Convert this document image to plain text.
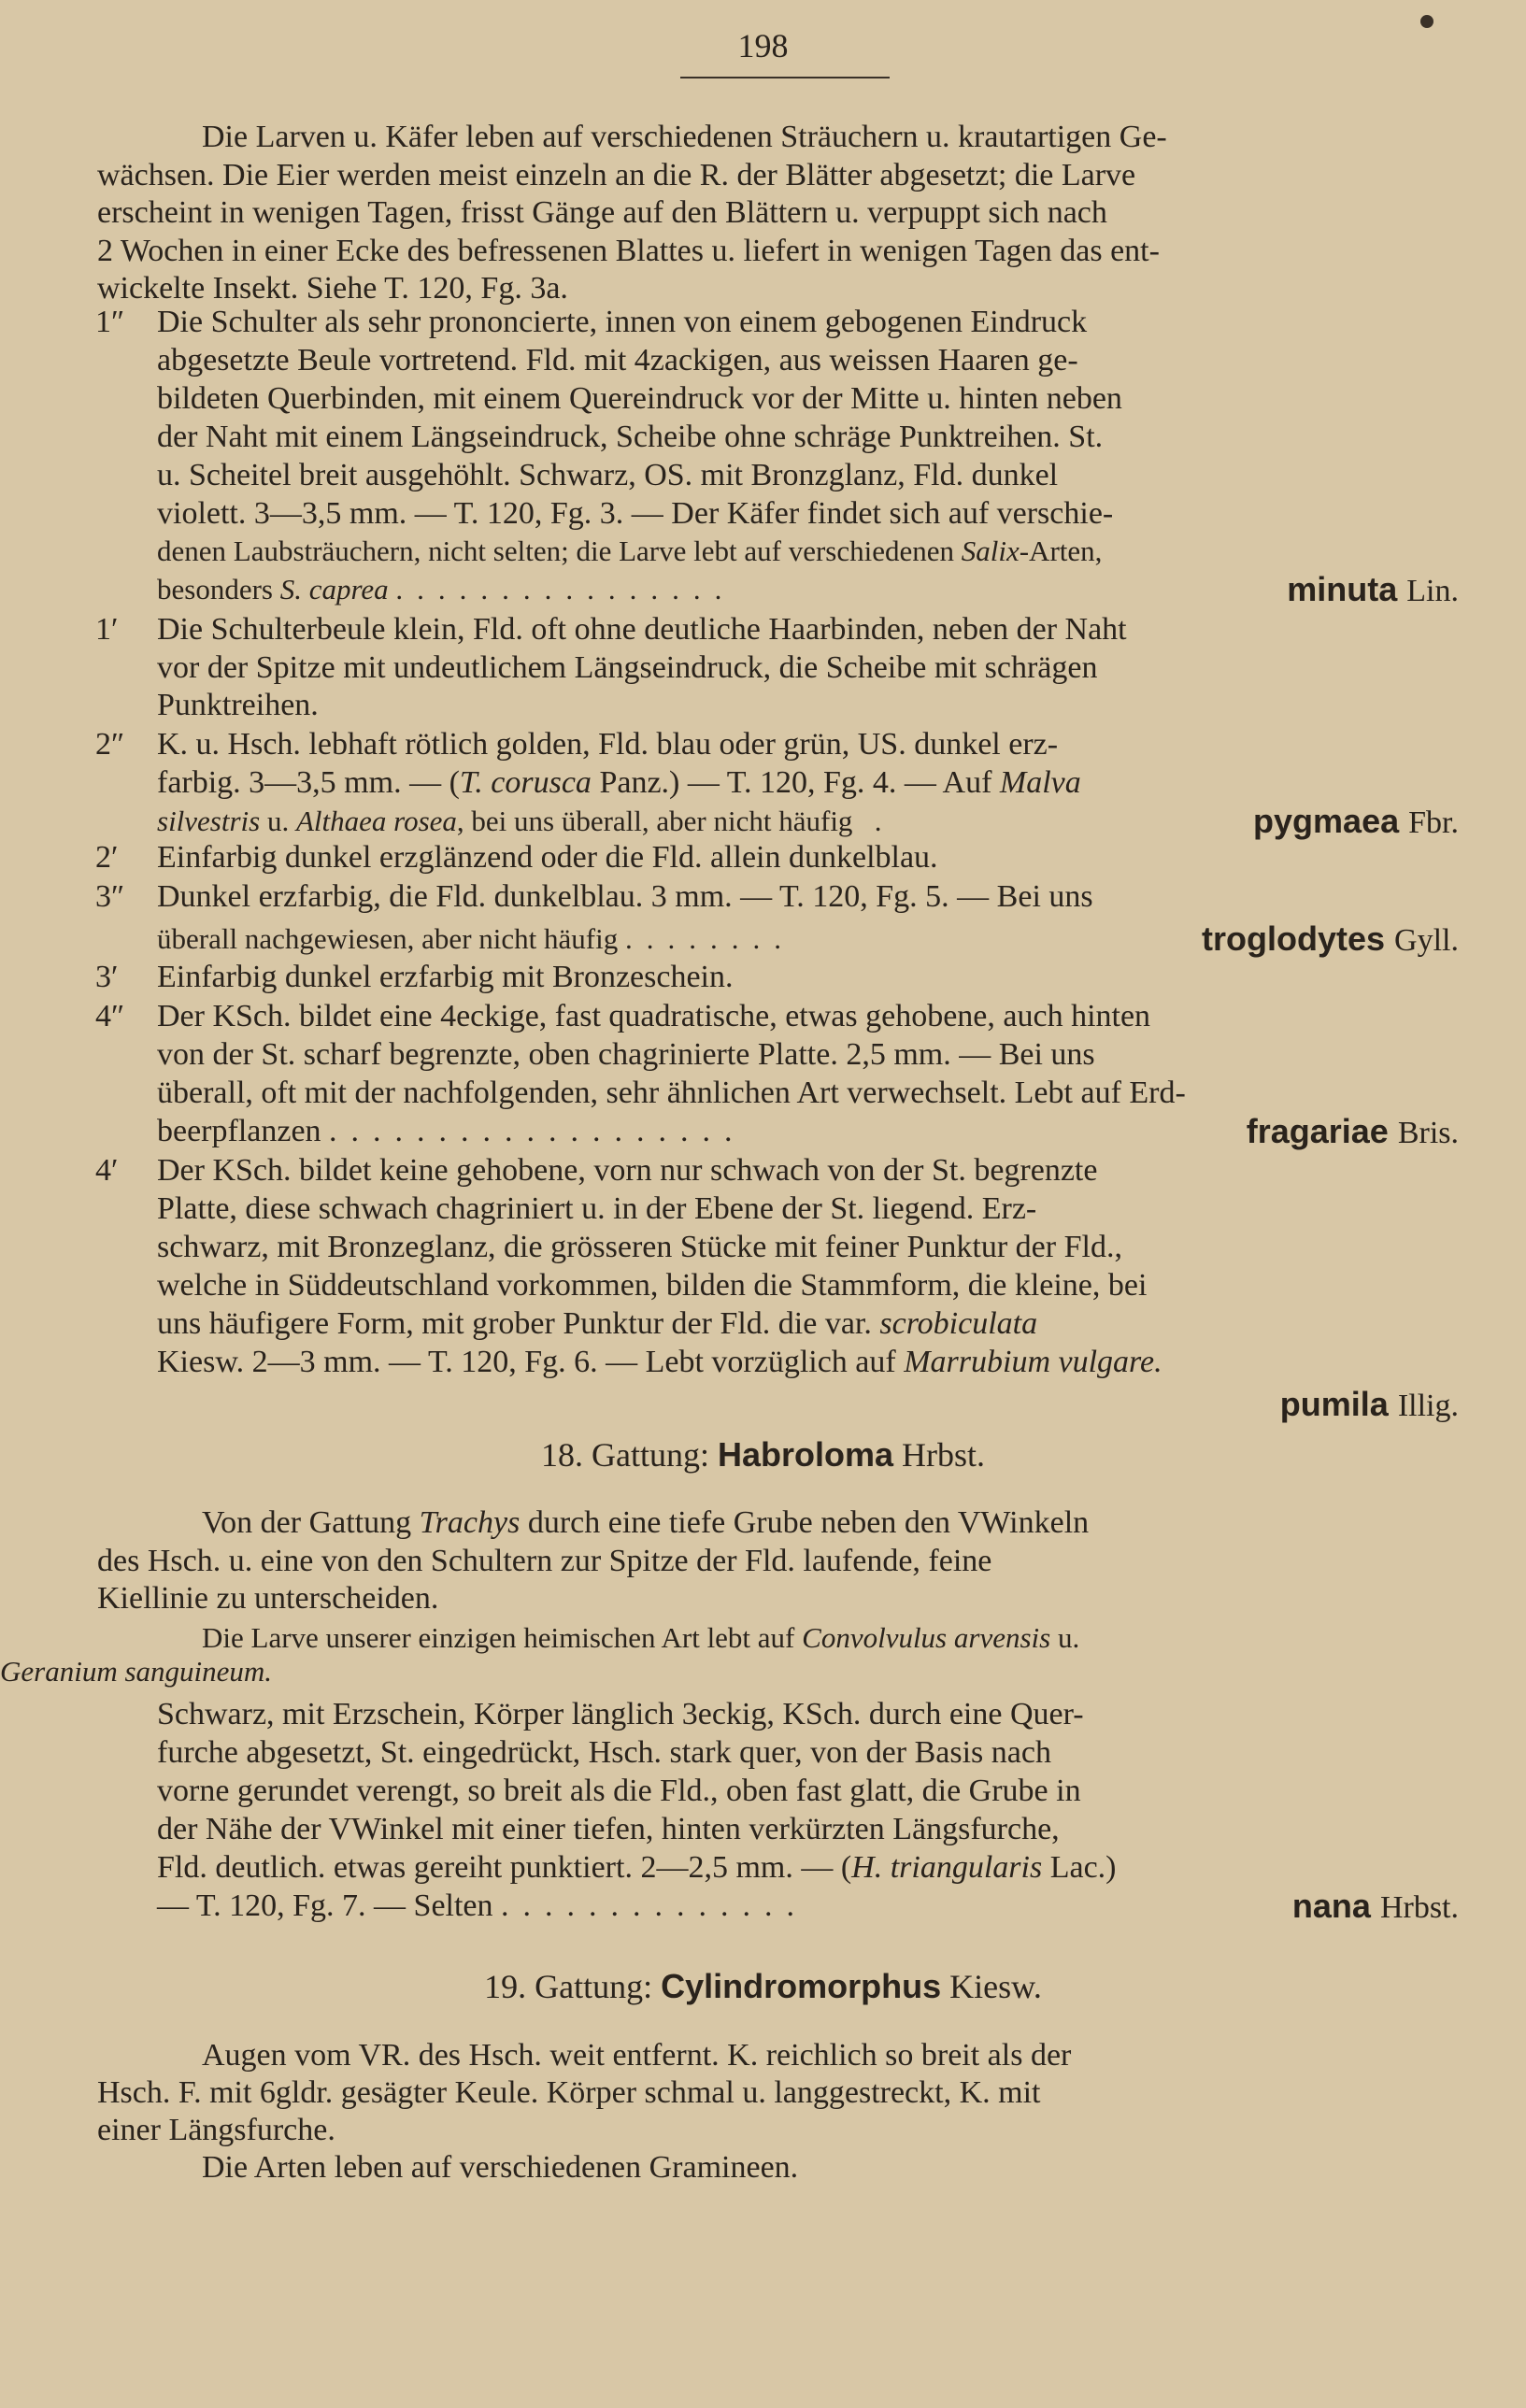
198
Die Larven u. Käfer leben auf verschiedenen Sträuchern u. krautartigen Ge-
wächsen. Die Eier werden meist einzeln an die R. der Blätter abgesetzt; die Larve
erscheint in wenigen Tagen, frisst Gänge auf den Blättern u. verpuppt sich nach
2 Wochen in einer Ecke des befressenen Blattes u. liefert in wenigen Tagen das ent-
wickelte Insekt. Siehe T. 120, Fg. 3a.
1″ Die Schulter als sehr prononcierte, innen von einem gebogenen Eindruck
abgesetzte Beule vortretend. Fld. mit 4zackigen, aus weissen Haaren ge-
bildeten Querbinden, mit einem Quereindruck vor der Mitte u. hinten neben
der Naht mit einem Längseindruck, Scheibe ohne schräge Punktreihen. St.
u. Scheitel breit ausgehöhlt. Schwarz, OS. mit Bronzglanz, Fld. dunkel
violett. 3—3,5 mm. — T. 120, Fg. 3. — Der Käfer findet sich auf verschie-
denen Laubsträuchern, nicht selten; die Larve lebt auf verschiedenen Salix-Arten,
besonders S. caprea ................	minuta Lin.
1′ Die Schulterbeule klein, Fld. oft ohne deutliche Haarbinden, neben der Naht
vor der Spitze mit undeutlichem Längseindruck, die Scheibe mit schrägen
Punktreihen.
2″ K. u. Hsch. lebhaft rötlich golden, Fld. blau oder grün, US. dunkel erz-
farbig. 3—3,5 mm. — (T. coruscа Panz.) — T. 120, Fg. 4. — Auf Malva
silvestris u. Althaea rosea, bei uns überall, aber nicht häufig .	pygmaea Fbr.
2′ Einfarbig dunkel erzglänzend oder die Fld. allein dunkelblau.
3″ Dunkel erzfarbig, die Fld. dunkelblau. 3 mm. — T. 120, Fg. 5. — Bei uns
überall nachgewiesen, aber nicht häufig ........	troglodytes Gyll.
3′ Einfarbig dunkel erzfarbig mit Bronzeschein.
4″ Der KSch. bildet eine 4eckige, fast quadratische, etwas gehobene, auch hinten
von der St. scharf begrenzte, oben chagrinierte Platte. 2,5 mm. — Bei uns
überall, oft mit der nachfolgenden, sehr ähnlichen Art verwechselt. Lebt auf Erd-
beerpflanzen ...................	fragariae Bris.
4′ Der KSch. bildet keine gehobene, vorn nur schwach von der St. begrenzte
Platte, diese schwach chagriniert u. in der Ebene der St. liegend. Erz-
schwarz, mit Bronzeglanz, die grösseren Stücke mit feiner Punktur der Fld.,
welche in Süddeutschland vorkommen, bilden die Stammform, die kleine, bei
uns häufigere Form, mit grober Punktur der Fld. die var. scrobiculata
Kiesw. 2—3 mm. — T. 120, Fg. 6. — Lebt vorzüglich auf Marrubium vulgare.
pumila Illig.
18. Gattung: Habroloma Hrbst.
Von der Gattung Trachys durch eine tiefe Grube neben den VWinkeln
des Hsch. u. eine von den Schultern zur Spitze der Fld. laufende, feine
Kiellinie zu unterscheiden.
Die Larve unserer einzigen heimischen Art lebt auf Convolvulus arvensis u.
Geranium sanguineum.
Schwarz, mit Erzschein, Körper länglich 3eckig, KSch. durch eine Quer-
furche abgesetzt, St. eingedrückt, Hsch. stark quer, von der Basis nach
vorne gerundet verengt, so breit als die Fld., oben fast glatt, die Grube in
der Nähe der VWinkel mit einer tiefen, hinten verkürzten Längsfurche,
Fld. deutlich. etwas gereiht punktiert. 2—2,5 mm. — (H. triangularis Lac.)
— T. 120, Fg. 7. — Selten ..............	nana Hrbst.
19. Gattung: Cylindromorphus Kiesw.
Augen vom VR. des Hsch. weit entfernt. K. reichlich so breit als der
Hsch. F. mit 6gldr. gesägter Keule. Körper schmal u. langgestreckt, K. mit
einer Längsfurche.
Die Arten leben auf verschiedenen Gramineen.
